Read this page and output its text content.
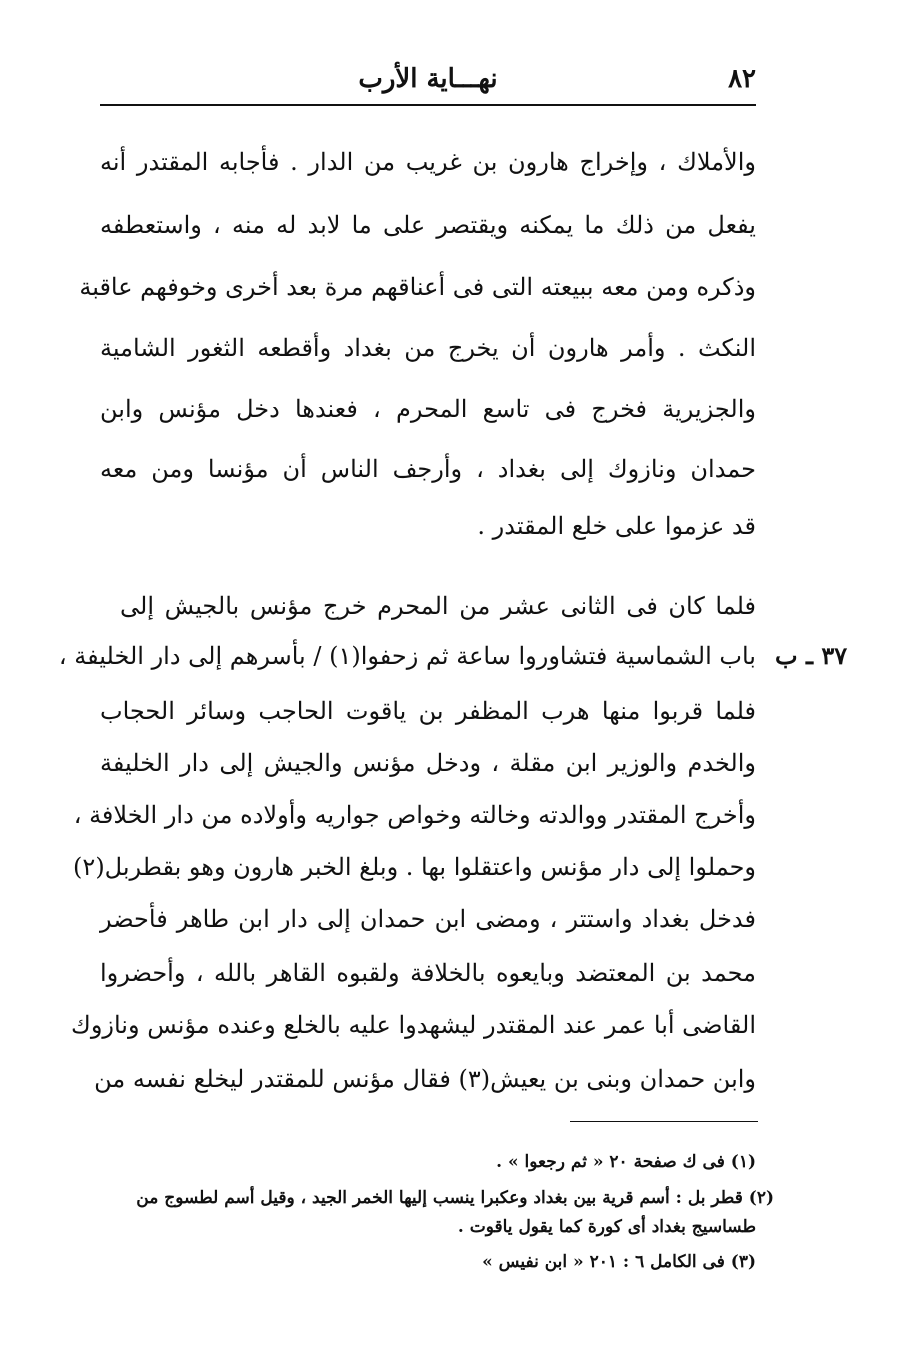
٨٢
نهـــاية الأرب
والأملاك ، وإخراج هارون بن غريب من الدار . فأجابه المقتدر أنه
يفعل من ذلك ما يمكنه ويقتصر على ما لابد له منه ، واستعطفه
وذكره ومن معه ببيعته التى فى أعناقهم مرة بعد أخرى وخوفهم عاقبة
النكث . وأمر هارون أن يخرج من بغداد وأقطعه الثغور الشامية
والجزيرية فخرج فى تاسع المحرم ، فعندها دخل مؤنس وابن
حمدان ونازوك إلى بغداد ، وأرجف الناس أن مؤنسا ومن معه
قد عزموا على خلع المقتدر .
فلما كان فى الثانى عشر من المحرم خرج مؤنس بالجيش إلى
باب الشماسية فتشاوروا ساعة ثم زحفوا(١) / بأسرهم إلى دار الخليفة ،
فلما قربوا منها هرب المظفر بن ياقوت الحاجب وسائر الحجاب
والخدم والوزير ابن مقلة ، ودخل مؤنس والجيش إلى دار الخليفة
وأخرج المقتدر ووالدته وخالته وخواص جواريه وأولاده من دار الخلافة ،
وحملوا إلى دار مؤنس واعتقلوا بها . وبلغ الخبر هارون وهو بقطربل(٢)
فدخل بغداد واستتر ، ومضى ابن حمدان إلى دار ابن طاهر فأحضر
محمد بن المعتضد وبايعوه بالخلافة ولقبوه القاهر بالله ، وأحضروا
القاضى أبا عمر عند المقتدر ليشهدوا عليه بالخلع وعنده مؤنس ونازوك
وابن حمدان وبنى بن يعيش(٣) فقال مؤنس للمقتدر ليخلع نفسه من
٣٧ ـ ب
(١) فى ك صفحة ٢٠ « ثم رجعوا » .
(٢) قطر بل : أسم قرية بين بغداد وعكبرا ينسب إليها الخمر الجيد ، وقيل أسم لطسوج من
طساسيج بغداد أى كورة كما يقول ياقوت .
(٣) فى الكامل ٦ : ٢٠١ « ابن نفيس »
